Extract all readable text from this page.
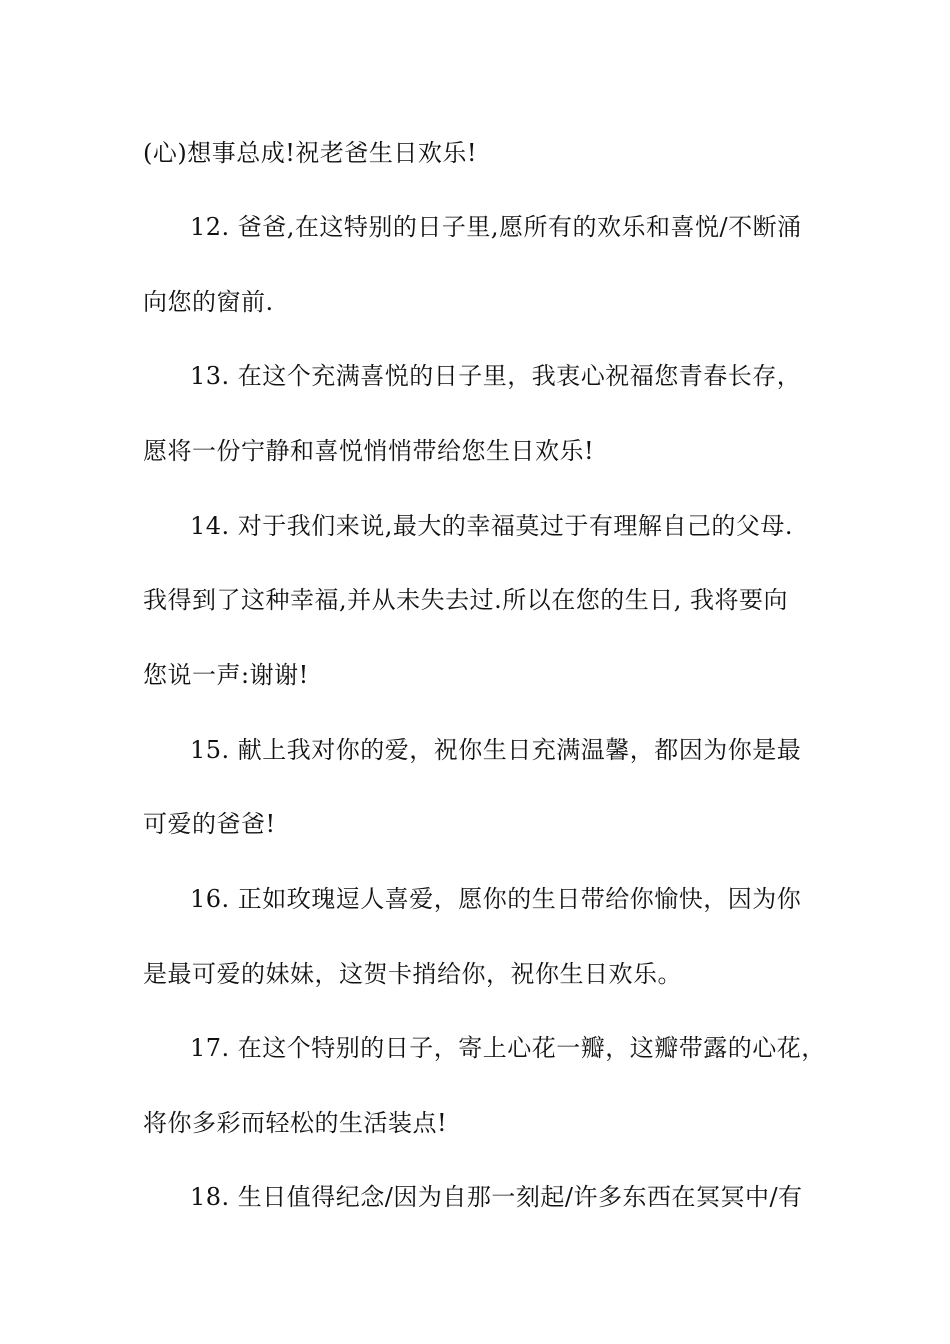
(心)想事总成!祝老爸生日欢乐!
12. 爸爸,在这特别的日子里,愿所有的欢乐和喜悦/不断涌
向您的窗前.
13. 在这个充满喜悦的日子里，我衷心祝福您青春长存，
愿将一份宁静和喜悦悄悄带给您生日欢乐!
14. 对于我们来说,最大的幸福莫过于有理解自己的父母.
我得到了这种幸福,并从未失去过.所以在您的生日, 我将要向
您说一声:谢谢!
15. 献上我对你的爱，祝你生日充满温馨，都因为你是最
可爱的爸爸!
16. 正如玫瑰逗人喜爱，愿你的生日带给你愉快，因为你
是最可爱的妹妹，这贺卡捎给你，祝你生日欢乐。
17. 在这个特别的日子，寄上心花一瓣，这瓣带露的心花，
将你多彩而轻松的生活装点!
18. 生日值得纪念/因为自那一刻起/许多东西在冥冥中/有
